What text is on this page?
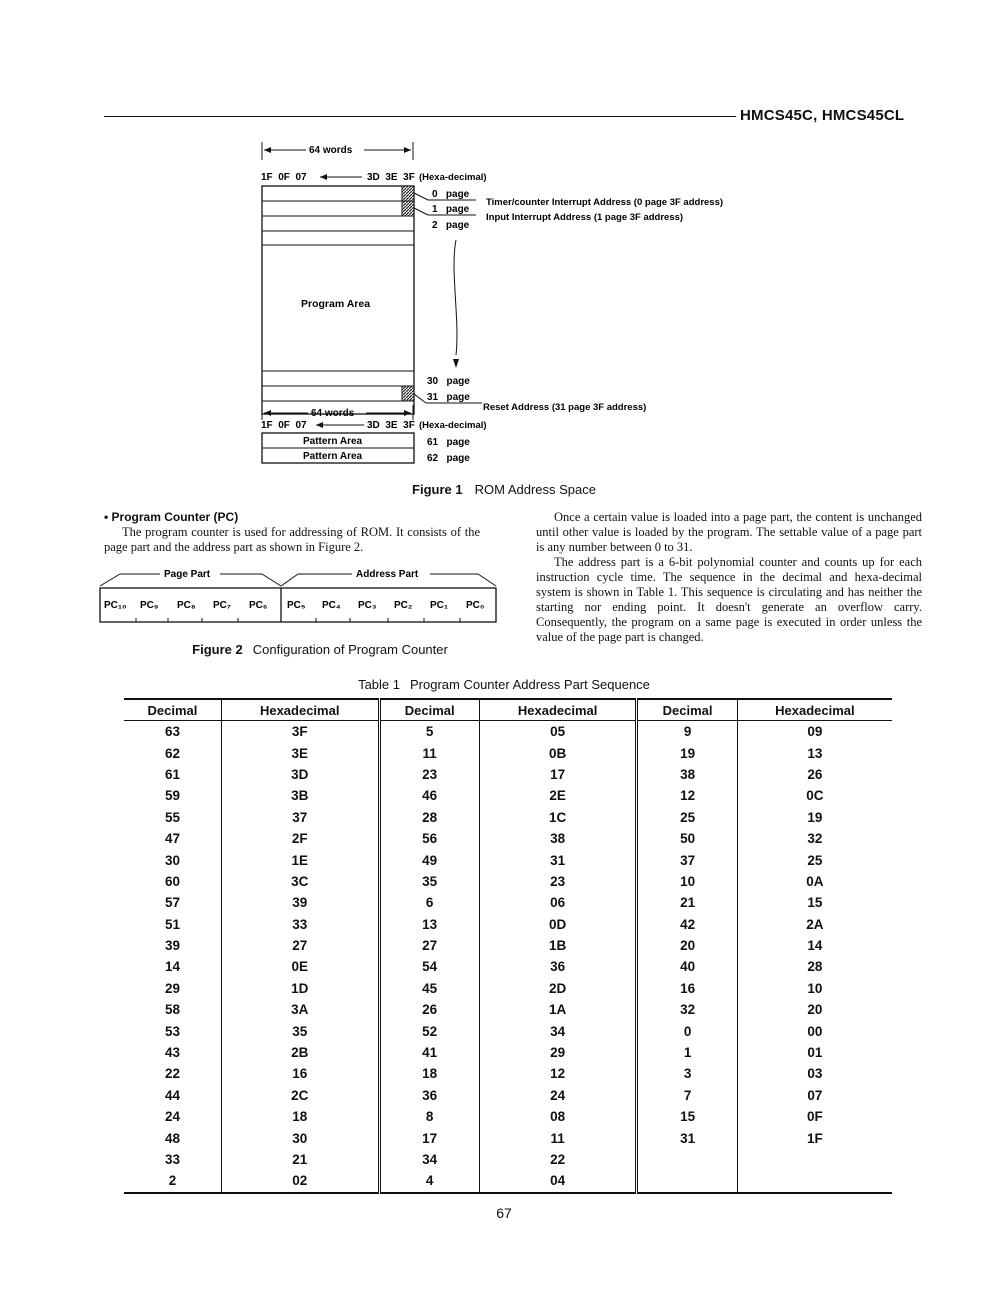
HMCS45C, HMCS45CL
64 words
1F  0F  07	3D  3E  3F (Hexa-decimal)
Program Area
0   page
1   page
2   page
Timer/counter Interrupt Address (0 page 3F address)
Input Interrupt Address (1 page 3F address)
30   page
31   page
Reset Address (31 page 3F address)
64 words
1F  0F  07	3D  3E  3F (Hexa-decimal)
Pattern Area
Pattern Area
61   page
62   page
Figure 1 ROM Address Space
• Program Counter (PC)

The program counter is used for addressing of ROM. It consists of the page part and the address part as shown in Figure 2.

Page Part	Address Part
PC₁₀ PC₉ PC₈ PC₇ PC₆ PC₅ PC₄ PC₃ PC₂ PC₁ PC₀
Figure 2 Configuration of Program Counter

Once a certain value is loaded into a page part, the content is unchanged until other value is loaded by the program. The settable value of a page part is any number between 0 to 31.

The address part is a 6-bit polynomial counter and counts up for each instruction cycle time. The sequence in the decimal and hexa-decimal system is shown in Table 1. This sequence is circulating and has neither the starting nor ending point. It doesn't generate an overflow carry. Consequently, the program on a same page is executed in order unless the value of the page part is changed.

Table 1 Program Counter Address Part Sequence
Decimal	Hexadecimal	Decimal	Hexadecimal	Decimal	Hexadecimal
63	3F	5	05	9	09
62	3E	11	0B	19	13
61	3D	23	17	38	26
59	3B	46	2E	12	0C
55	37	28	1C	25	19
47	2F	56	38	50	32
30	1E	49	31	37	25
60	3C	35	23	10	0A
57	39	6	06	21	15
51	33	13	0D	42	2A
39	27	27	1B	20	14
14	0E	54	36	40	28
29	1D	45	2D	16	10
58	3A	26	1A	32	20
53	35	52	34	0	00
43	2B	41	29	1	01
22	16	18	12	3	03
44	2C	36	24	7	07
24	18	8	08	15	0F
48	30	17	11	31	1F
33	21	34	22		
2	02	4	04		
67
